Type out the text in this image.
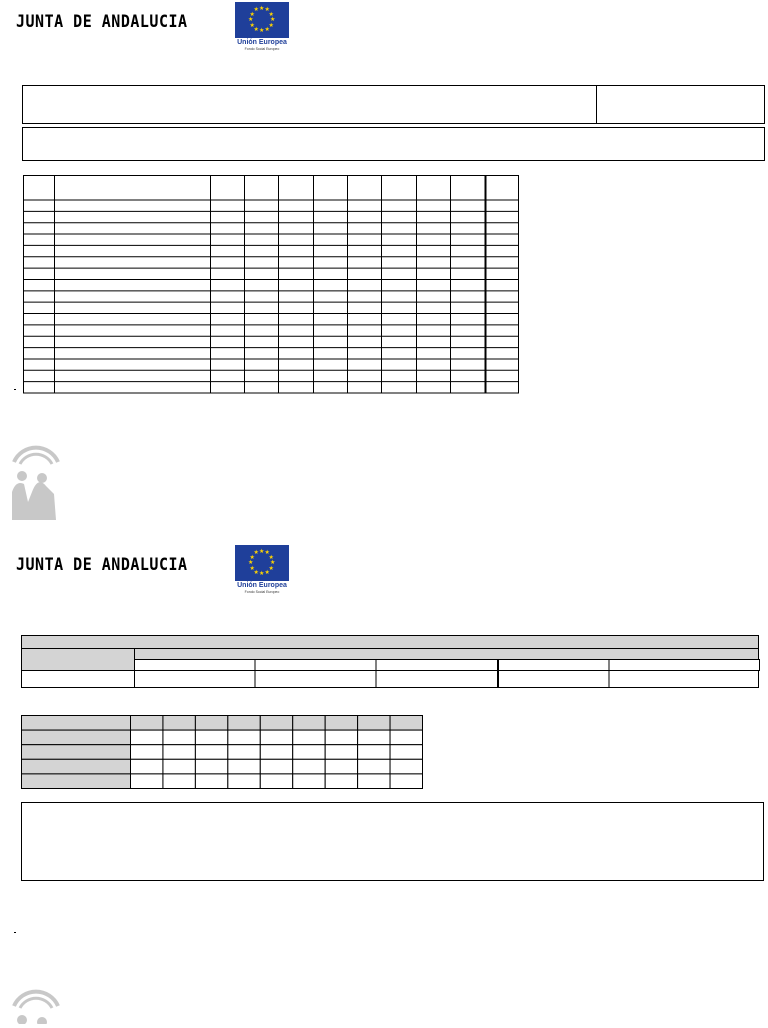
JUNTA DE ANDALUCIA	★
★
★
★
★
★
★
★
★ ★ ★
★
Unión Europea
Fondo Social Europeo
JUNTA DE ANDALUCIA	★
★
★
★
★
★
★
★
★ ★ ★
★
Unión Europea
Fondo Social Europeo
